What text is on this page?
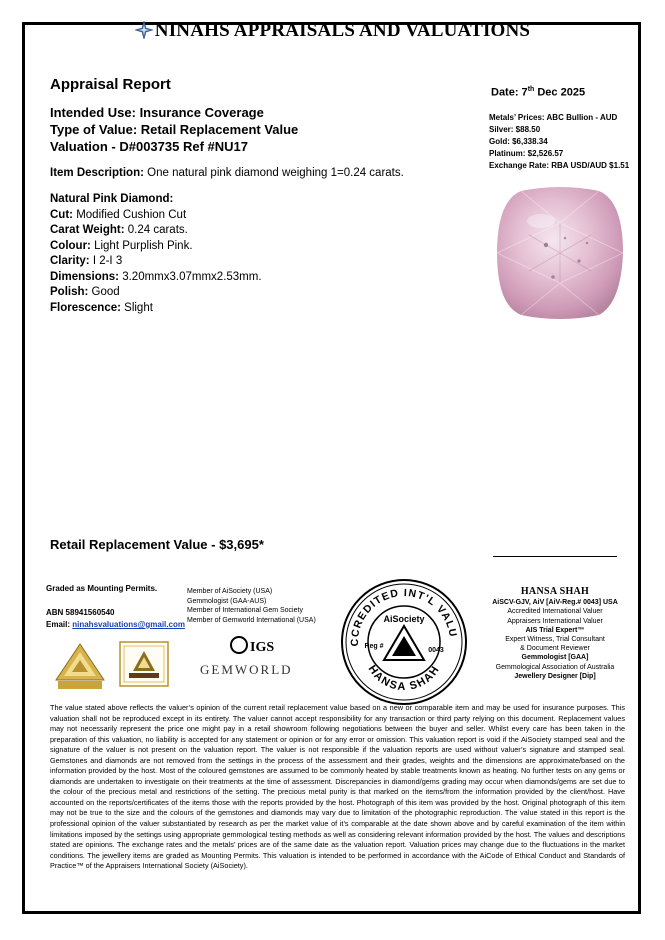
NINAHS APPRAISALS AND VALUATIONS
Appraisal Report	Date: 7th Dec 2025
Intended Use: Insurance Coverage
Type of Value: Retail Replacement Value
Valuation - D#003735 Ref #NU17
Metals’ Prices: ABC Bullion - AUD
Silver: $88.50
Gold: $6,338.34
Platinum: $2,526.57
Exchange Rate: RBA USD/AUD $1.51
Item Description: One natural pink diamond weighing 1=0.24 carats.
Natural Pink Diamond:
Cut: Modified Cushion Cut
Carat Weight: 0.24 carats.
Colour: Light Purplish Pink.
Clarity: I 2-I 3
Dimensions: 3.20mmx3.07mmx2.53mm.
Polish: Good
Florescence: Slight
Retail Replacement Value - $3,695*
Graded as Mounting Permits.
ABN 58941560540
Email: ninahsvaluations@gmail.com
Member of AiSociety (USA)
Gemmologist (GAA-AUS)
Member of International Gem Society
Member of Gemworld International (USA)
IGS
GEMWORLD
CCREDITED INT'L VALU
HANSA SHAH
AiSociety
Reg #
0043
HANSA SHAH
AiSCV-GJV, AiV [AiV-Reg.# 0043] USA
Accredited International Valuer
Appraisers International Valuer
AIS Trial Expert™
Expert Witness, Trial Consultant
& Document Reviewer
Gemmologist [GAA]
Gemmological Association of Australia
Jewellery Designer [Dip]
The value stated above reflects the valuer’s opinion of the current retail replacement value based on a new or comparable item and may be used for insurance purposes. This valuation shall not be reproduced except in its entirety. The valuer cannot accept responsibility for any transaction or third party relying on this document. Replacement values may not necessarily represent the price one might pay in a retail showroom following negotiations between the buyer and seller. Whilst every care has been taken in the preparation of this valuation, no liability is accepted for any statement or opinion or for any error or omission. This valuation report is void if the AiSociety stamped seal and the signature of the valuer is not present on the valuation report. The valuer is not responsible if the valuation reports are used without valuer’s signature and stamped seal. Gemstones and diamonds are not removed from the settings in the process of the assessment and their grades, weights and the dimensions are approximate/based on the information provided by the host. Most of the coloured gemstones are assumed to be commonly heated by stable treatments known as heating. No further tests on any gems or diamonds are undertaken to investigate on their treatments at the time of assessment. Discrepancies in diamond/gems grading may occur when diamonds/gems are set due to the colour of the precious metal and restrictions of the setting. The precious metal purity is that marked on the items/from the information provided by the client/host. Have accounted on the reports/certificates of the items those with the reports provided by the host. Photograph of this item was provided by the host. Original photograph of this item may not be true to the size and the colours of the gemstones and diamonds may vary due to limitation of the photographic reproduction. The value stated in this report is the professional opinion of the valuer substantiated by research as per the market value of it’s comparable at the date shown above and by careful examination of the item within limitations imposed by the settings using appropriate gemmological testing methods as well as considering relevant information provided by the host. The values and descriptions stated are opinions. The exchange rates and the metals’ prices are of the same date as the valuation report. Valuation prices may change due to the fluctuations in the market conditions. The jewellery items are graded as Mounting Permits. This valuation is intended to be performed in accordance with the AiCode of Ethical Conduct and Standards of Practice™ of the Appraisers International Society (AiSociety).
